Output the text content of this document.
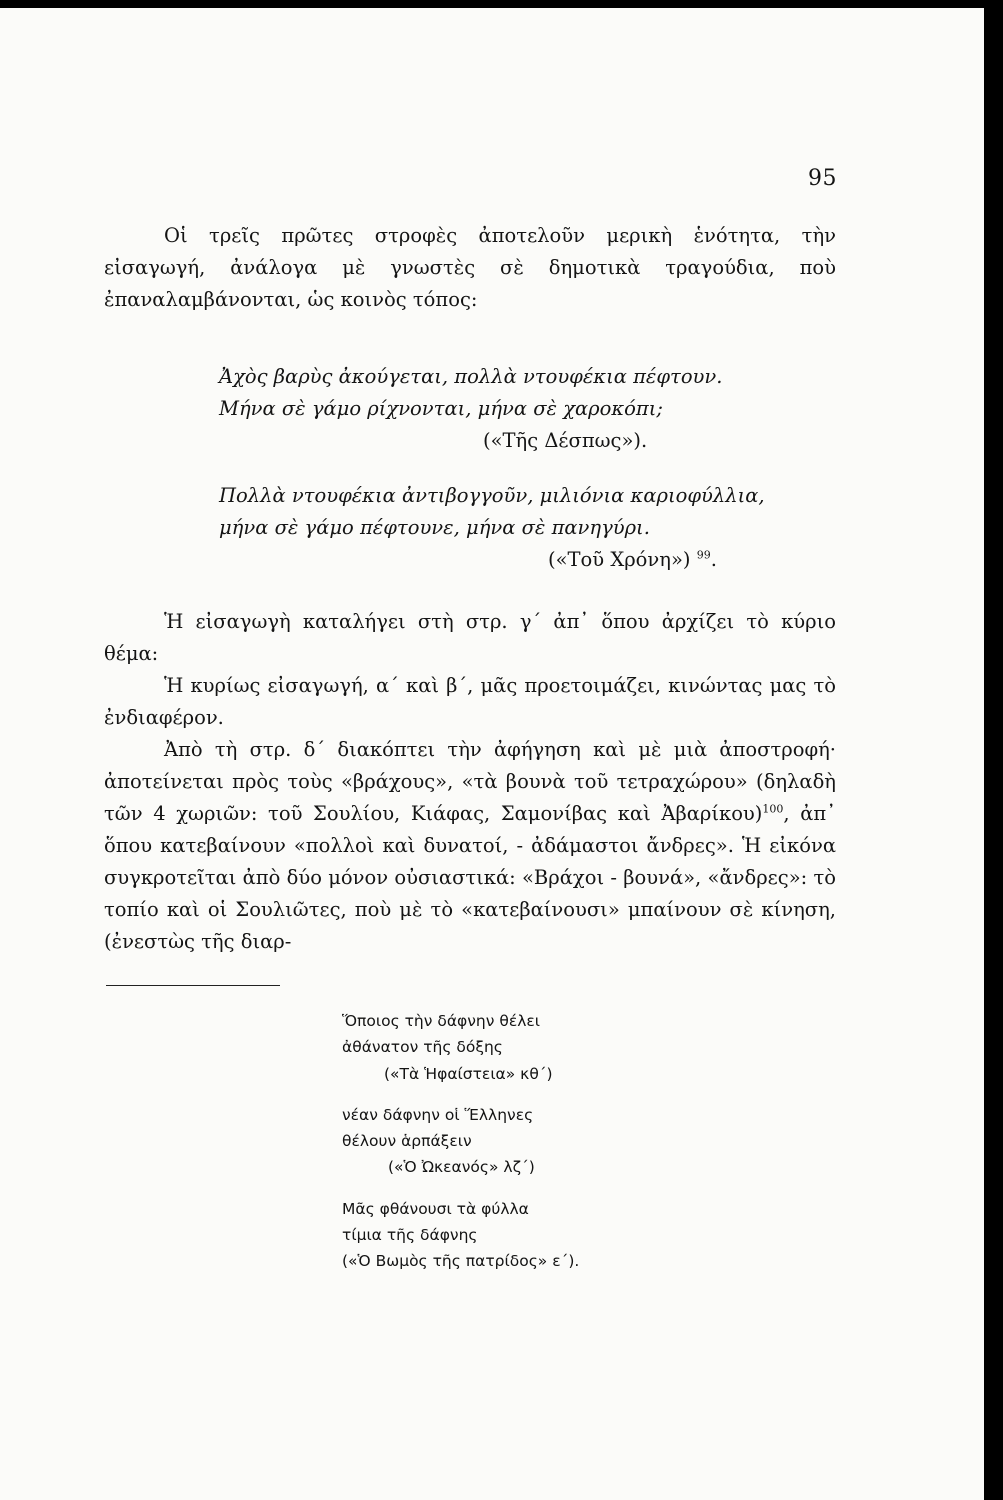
95

Οἱ τρεῖς πρῶτες στροφὲς ἀποτελοῦν μερικὴ ἑνότητα, τὴν εἰσαγωγή, ἀνάλογα μὲ γνωστὲς σὲ δημοτικὰ τραγούδια, ποὺ ἐπαναλαμβάνονται, ὡς κοινὸς τόπος:

Ἀχὸς βαρὺς ἀκούγεται, πολλὰ ντουφέκια πέφτουν.
Μήνα σὲ γάμο ρίχνονται, μήνα σὲ χαροκόπι;
(«Τῆς Δέσπως»).
Πολλὰ ντουφέκια ἀντιβογγοῦν, μιλιόνια καριοφύλλια,
μήνα σὲ γάμο πέφτουνε, μήνα σὲ πανηγύρι.
(«Τοῦ Χρόνη») $^{99}$.

Ἡ εἰσαγωγὴ καταλήγει στὴ στρ. γ΄ ἀπ᾿ ὅπου ἀρχίζει τὸ κύριο θέμα:

Ἡ κυρίως εἰσαγωγή, α΄ καὶ β΄, μᾶς προετοιμάζει, κινώντας μας τὸ ἐνδιαφέρον.

Ἀπὸ τὴ στρ. δ΄ διακόπτει τὴν ἀφήγηση καὶ μὲ μιὰ ἀποστροφή· ἀποτείνεται πρὸς τοὺς «βράχους», «τὰ βουνὰ τοῦ τετραχώρου» (δηλαδὴ τῶν 4 χωριῶν: τοῦ Σουλίου, Κιάφας, Σαμονίβας καὶ Ἀβαρίκου)$^{100}$, ἀπ᾿ ὅπου κατεβαίνουν «πολλοὶ καὶ δυνατοί, - ἀδάμαστοι ἄνδρες». Ἡ εἰκόνα συγκροτεῖται ἀπὸ δύο μόνον οὐσιαστικά: «Βράχοι - βουνά», «ἄνδρες»: τὸ τοπίο καὶ οἱ Σουλιῶτες, ποὺ μὲ τὸ «κατεβαίνουσι» μπαίνουν σὲ κίνηση, (ἐνεστὼς τῆς διαρ-

Ὅποιος τὴν δάφνην θέλει
ἀθάνατον τῆς δόξης
(«Τὰ Ἡφαίστεια» κθ΄)
νέαν δάφνην οἱ Ἕλληνες
θέλουν ἁρπάξειν
(«Ὁ Ὠκεανός» λζ΄)
Μᾶς φθάνουσι τὰ φύλλα
τίμια τῆς δάφνης
(«Ὁ Βωμὸς τῆς πατρίδος» ε΄).
